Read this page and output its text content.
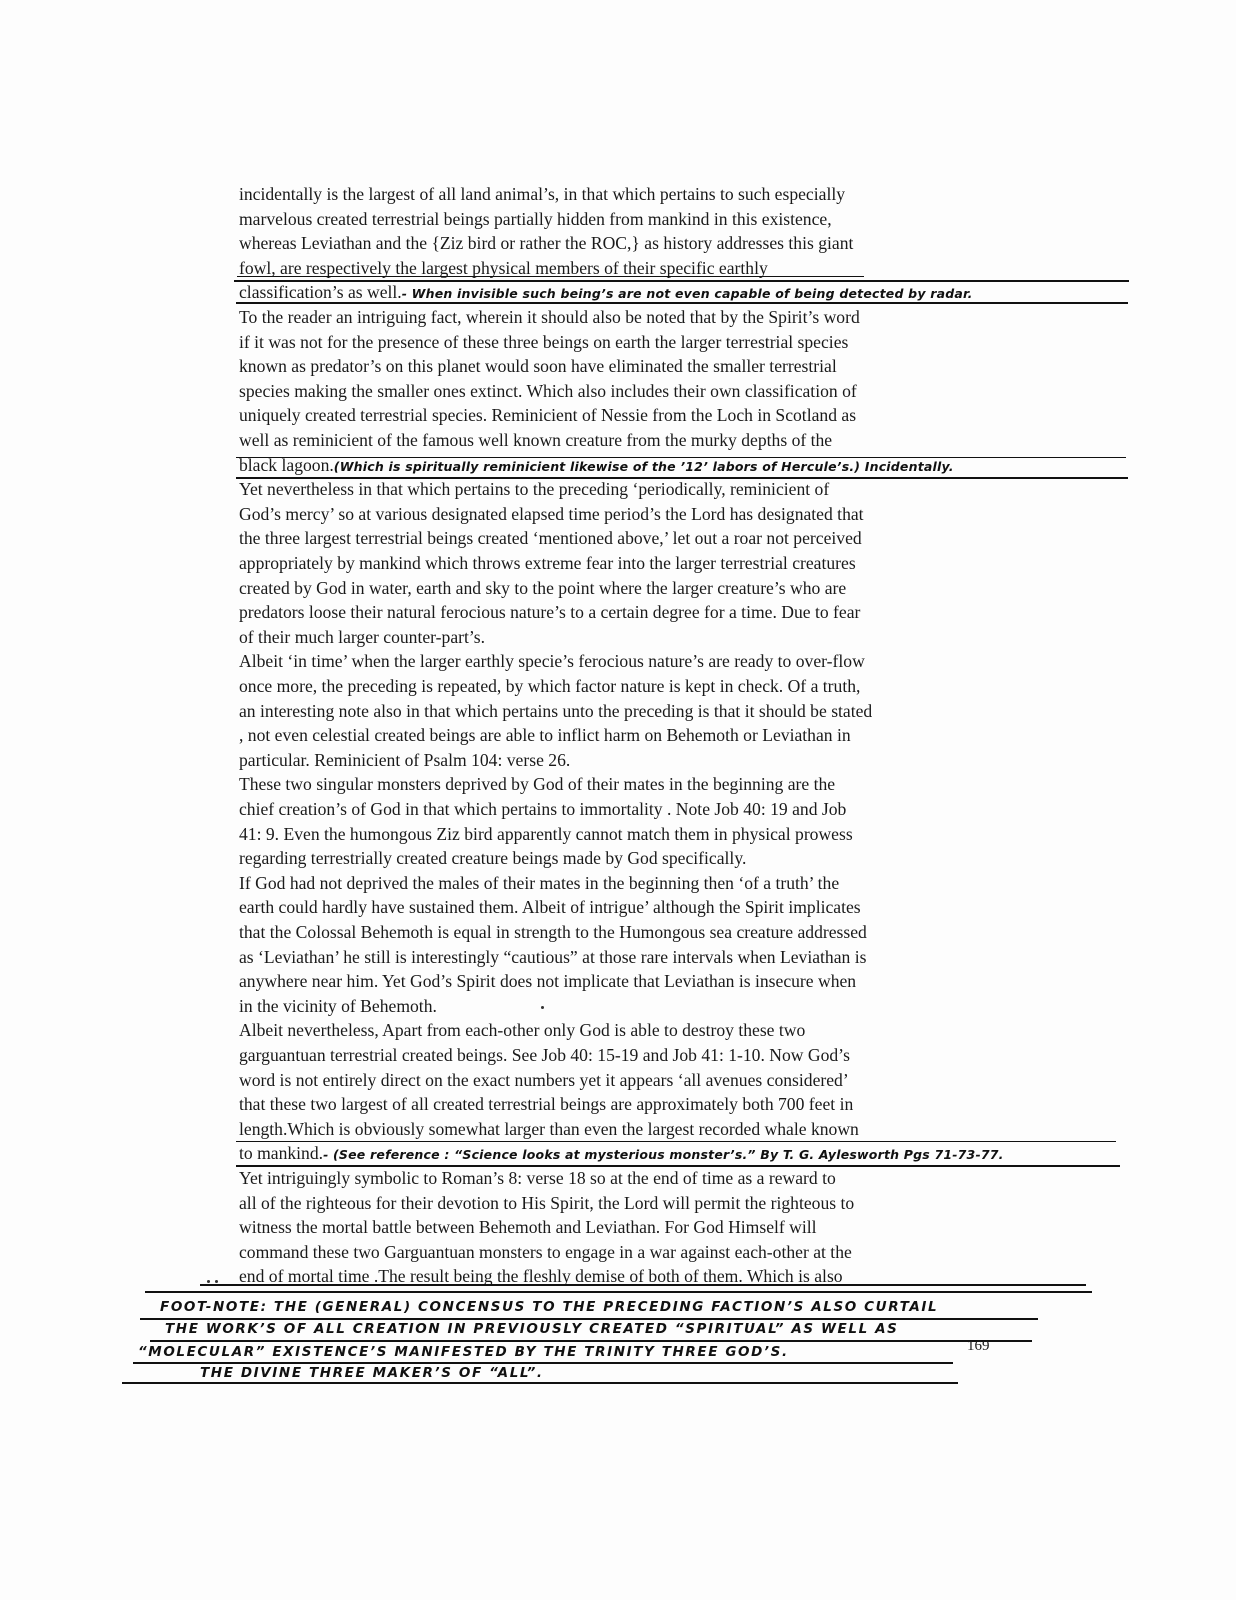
incidentally is the largest of all land animal’s, in that which pertains to such especially
marvelous created terrestrial beings partially hidden from mankind in this existence,
whereas Leviathan and the {Ziz bird or rather the ROC,} as history addresses this giant
fowl, are respectively the largest physical members of their specific earthly
classification’s as well.- When invisible such being’s are not even capable of being detected by radar.
To the reader an intriguing fact, wherein it should also be noted that by the Spirit’s word
if it was not for the presence of these three beings on earth the larger terrestrial species
known as predator’s on this planet would soon have eliminated the smaller terrestrial
species making the smaller ones extinct. Which also includes their own classification of
uniquely created terrestrial species. Reminicient of Nessie from the Loch in Scotland as
well as reminicient of the famous well known creature from the murky depths of the
black lagoon.(Which is spiritually reminicient likewise of the ’12’ labors of Hercule’s.) Incidentally.
Yet nevertheless in that which pertains to the preceding ‘periodically, reminicient of
God’s mercy’ so at various designated elapsed time period’s the Lord has designated that
the three largest terrestrial beings created ‘mentioned above,’ let out a roar not perceived
appropriately by mankind which throws extreme fear into the larger terrestrial creatures
created by God in water, earth and sky to the point where the larger creature’s who are
predators loose their natural ferocious nature’s to a certain degree for a time. Due to fear
of their much larger counter-part’s.
Albeit ‘in time’ when the larger earthly specie’s ferocious nature’s are ready to over-flow
once more, the preceding is repeated, by which factor nature is kept in check. Of a truth,
an interesting note also in that which pertains unto the preceding is that it should be stated
, not even celestial created beings are able to inflict harm on Behemoth or Leviathan in
particular. Reminicient of Psalm 104: verse 26.
These two singular monsters deprived by God of their mates in the beginning are the
chief creation’s of God in that which pertains to immortality . Note Job 40: 19 and Job
41: 9. Even the humongous Ziz bird apparently cannot match them in physical prowess
regarding terrestrially created creature beings made by God specifically.
If God had not deprived the males of their mates in the beginning then ‘of a truth’ the
earth could hardly have sustained them. Albeit of intrigue’ although the Spirit implicates
that the Colossal Behemoth is equal in strength to the Humongous sea creature addressed
as ‘Leviathan’ he still is interestingly “cautious” at those rare intervals when Leviathan is
anywhere near him. Yet God’s Spirit does not implicate that Leviathan is insecure when
in the vicinity of Behemoth.
Albeit nevertheless, Apart from each-other only God is able to destroy these two
garguantuan terrestrial created beings. See Job 40: 15-19 and Job 41: 1-10. Now God’s
word is not entirely direct on the exact numbers yet it appears ‘all avenues considered’
that these two largest of all created terrestrial beings are approximately both 700 feet in
length.Which is obviously somewhat larger than even the largest recorded whale known
to mankind.- (See reference : “Science looks at mysterious monster’s.” By T. G. Aylesworth Pgs 71-73-77.
Yet intriguingly symbolic to Roman’s 8: verse 18 so at the end of time as a reward to
all of the righteous for their devotion to His Spirit, the Lord will permit the righteous to
witness the mortal battle between Behemoth and Leviathan. For God Himself will
command these two Garguantuan monsters to engage in a war against each-other at the
end of mortal time .The result being the fleshly demise of both of them. Which is also
FOOT-NOTE: THE (GENERAL) CONCENSUS TO THE PRECEDING FACTION’S ALSO CURTAIL
THE WORK’S OF ALL CREATION IN PREVIOUSLY CREATED “SPIRITUAL” AS WELL AS
“MOLECULAR” EXISTENCE’S MANIFESTED BY THE TRINITY THREE GOD’S.
THE DIVINE THREE MAKER’S OF “ALL”.
169
